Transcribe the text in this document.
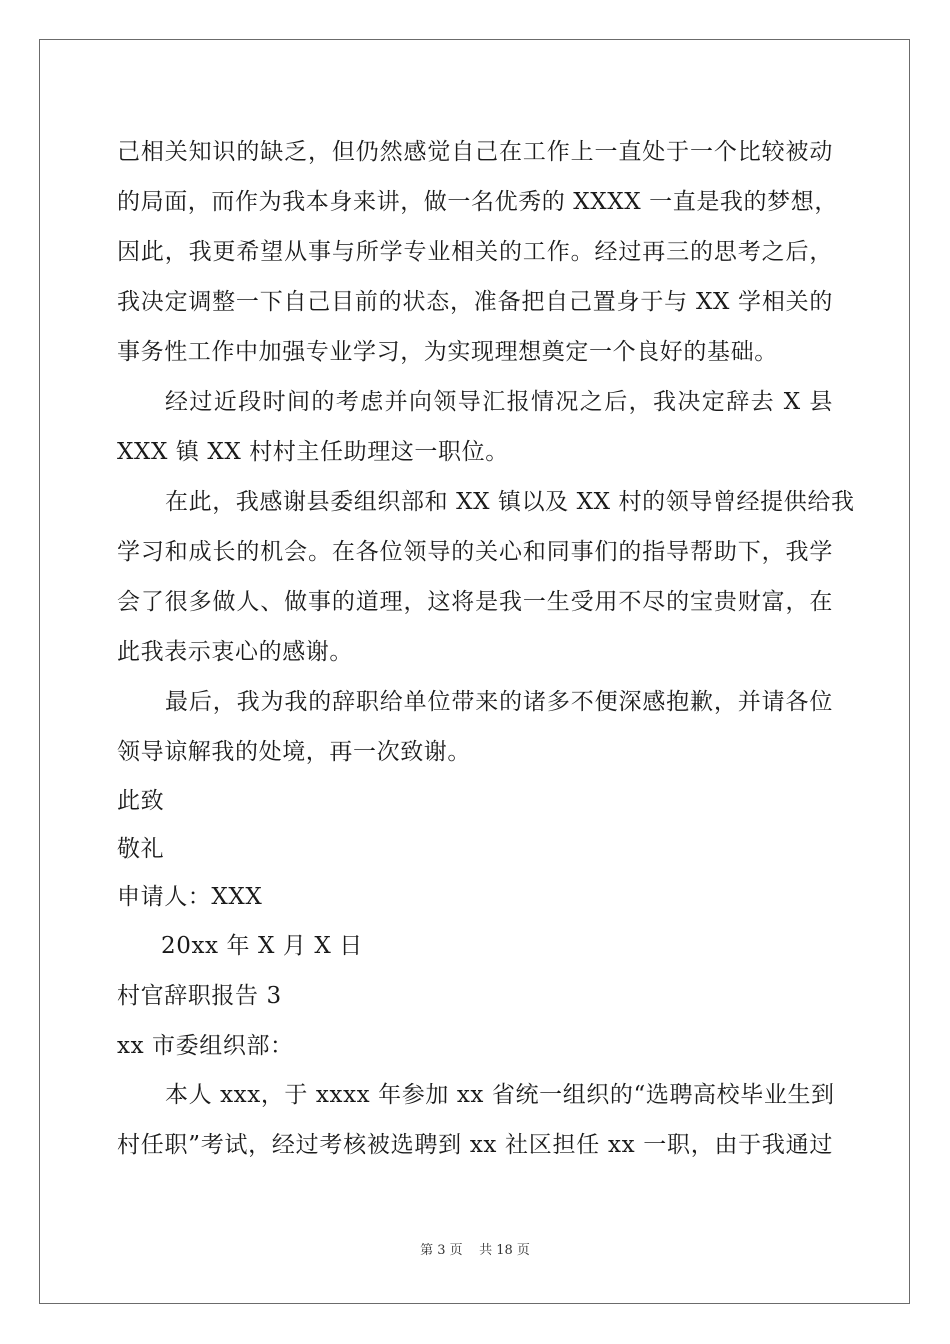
己相关知识的缺乏，但仍然感觉自己在工作上一直处于一个比较被动
的局面，而作为我本身来讲，做一名优秀的 XXXX 一直是我的梦想，
因此，我更希望从事与所学专业相关的工作。经过再三的思考之后，
我决定调整一下自己目前的状态，准备把自己置身于与 XX 学相关的
事务性工作中加强专业学习，为实现理想奠定一个良好的基础。
经过近段时间的考虑并向领导汇报情况之后，我决定辞去 X 县
XXX 镇 XX 村村主任助理这一职位。
在此，我感谢县委组织部和 XX 镇以及 XX 村的领导曾经提供给我
学习和成长的机会。在各位领导的关心和同事们的指导帮助下，我学
会了很多做人、做事的道理，这将是我一生受用不尽的宝贵财富，在
此我表示衷心的感谢。
最后，我为我的辞职给单位带来的诸多不便深感抱歉，并请各位
领导谅解我的处境，再一次致谢。
此致
敬礼
申请人：XXX
20xx 年 X 月 X 日
村官辞职报告 3
xx 市委组织部：
本人 xxx，于 xxxx 年参加 xx 省统一组织的“选聘高校毕业生到
村任职”考试，经过考核被选聘到 xx 社区担任 xx 一职，由于我通过
第 3 页    共 18 页
